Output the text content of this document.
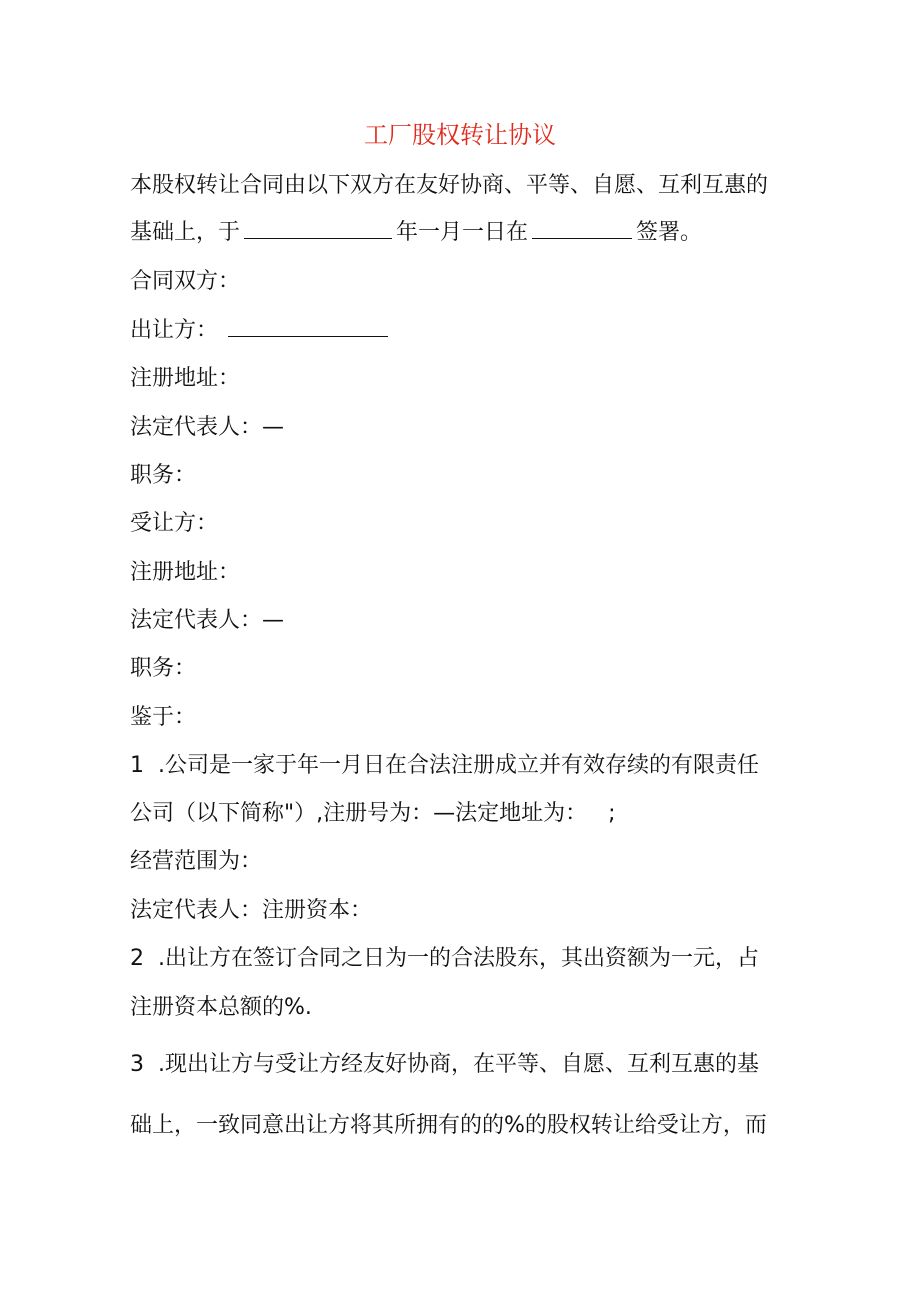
工厂股权转让协议
本股权转让合同由以下双方在友好协商、平等、自愿、互利互惠的
基础上，于	年一月一日在	签署。
合同双方：
出让方：
注册地址：
法定代表人：—
职务：
受让方：
注册地址：
法定代表人：—
职务：
鉴于：
1  .公司是一家于年一月日在合法注册成立并有效存续的有限责任
公司（以下简称"）,注册号为：—法定地址为：   ;
经营范围为：
法定代表人：注册资本：
2  .出让方在签订合同之日为一的合法股东，其出资额为一元，占
注册资本总额的%.
3  .现出让方与受让方经友好协商，在平等、自愿、互利互惠的基
础上，一致同意出让方将其所拥有的的%的股权转让给受让方，而
